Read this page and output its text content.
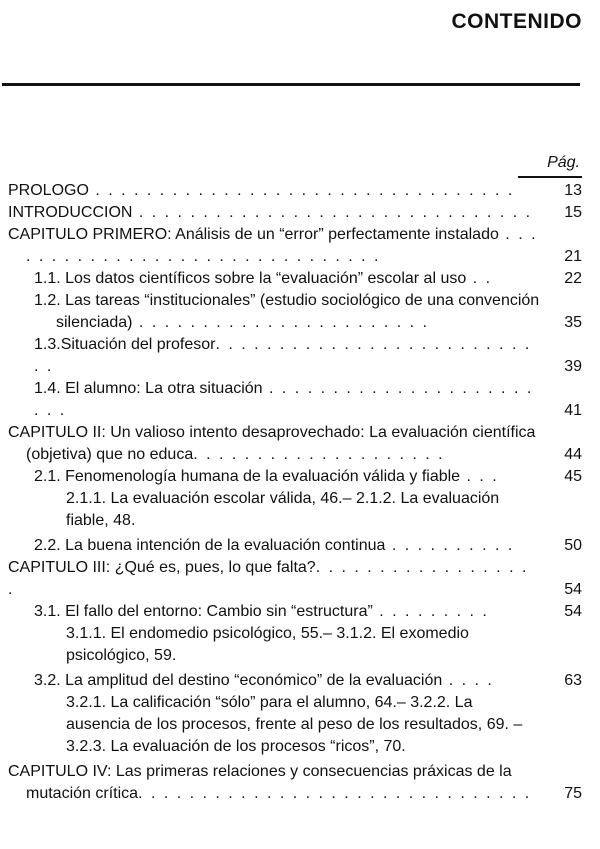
CONTENIDO
Pág.
PROLOGO . . . . . . . . . . . . . . . . . . . . . . . . . . . . . . . . .	13
INTRODUCCION . . . . . . . . . . . . . . . . . . . . . . . . . . . . . . .	15
CAPITULO PRIMERO: Análisis de un “error” perfectamente instalado . . . . . . . . . . . . . . . . . . . . . . . . . . . . . . .	21
1.1. Los datos científicos sobre la “evaluación” escolar al uso . .	22
1.2. Las tareas “institucionales” (estudio sociológico de una convención silenciada) . . . . . . . . . . . . . . . . . . . . . . .	35
1.3.Situación del profesor. . . . . . . . . . . . . . . . . . . . . . . . . . .	39
1.4. El alumno: La otra situación . . . . . . . . . . . . . . . . . . . . . . . .	41
CAPITULO II: Un valioso intento desaprovechado: La evaluación científica (objetiva) que no educa. . . . . . . . . . . . . . . . . . . .	44
2.1. Fenomenología humana de la evaluación válida y fiable . . .	45
2.1.1. La evaluación escolar válida, 46.– 2.1.2. La evaluación fiable, 48.
2.2. La buena intención de la evaluación continua . . . . . . . . . .	50
CAPITULO III: ¿Qué es, pues, lo que falta?. . . . . . . . . . . . . . . . . .	54
3.1. El fallo del entorno: Cambio sin “estructura” . . . . . . . . .	54
3.1.1. El endomedio psicológico, 55.– 3.1.2. El exomedio psicológico, 59.
3.2. La amplitud del destino “económico” de la evaluación . . . .	63
3.2.1. La calificación “sólo” para el alumno, 64.– 3.2.2. La ausencia de los procesos, frente al peso de los resultados, 69. – 3.2.3. La evaluación de los procesos “ricos”, 70.
CAPITULO IV: Las primeras relaciones y consecuencias práxicas de la mutación crítica. . . . . . . . . . . . . . . . . . . . . . . . . . . . . . .	75
